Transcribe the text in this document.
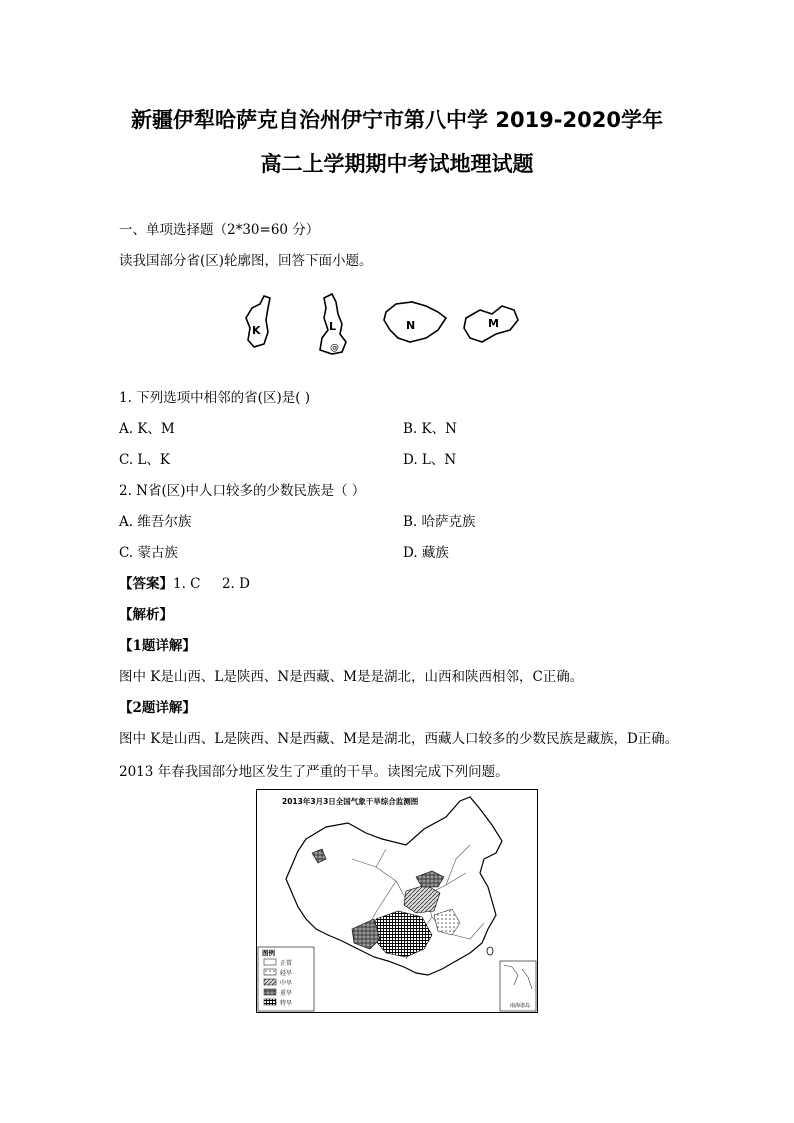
新疆伊犁哈萨克自治州伊宁市第八中学 2019-2020学年
高二上学期期中考试地理试题
一、单项选择题（2*30=60 分）
读我国部分省(区)轮廓图，回答下面小题。
K	L
@
N	M
1. 下列选项中相邻的省(区)是( )
A. K、M	B. K、N
C. L、K	D. L、N
2. N省(区)中人口较多的少数民族是（ ）
A. 维吾尔族	B. 哈萨克族
C. 蒙古族	D. 藏族
【答案】1. C     2. D
【解析】
【1题详解】
图中 K是山西、L是陕西、N是西藏、M是是湖北，山西和陕西相邻，C正确。
【2题详解】
图中 K是山西、L是陕西、N是西藏、M是是湖北，西藏人口较多的少数民族是藏族，D正确。
2013 年春我国部分地区发生了严重的干旱。读图完成下列问题。
2013年3月3日全国气象干旱综合监测图
图例
正常
轻旱
中旱
重旱
特旱	南海诸岛
